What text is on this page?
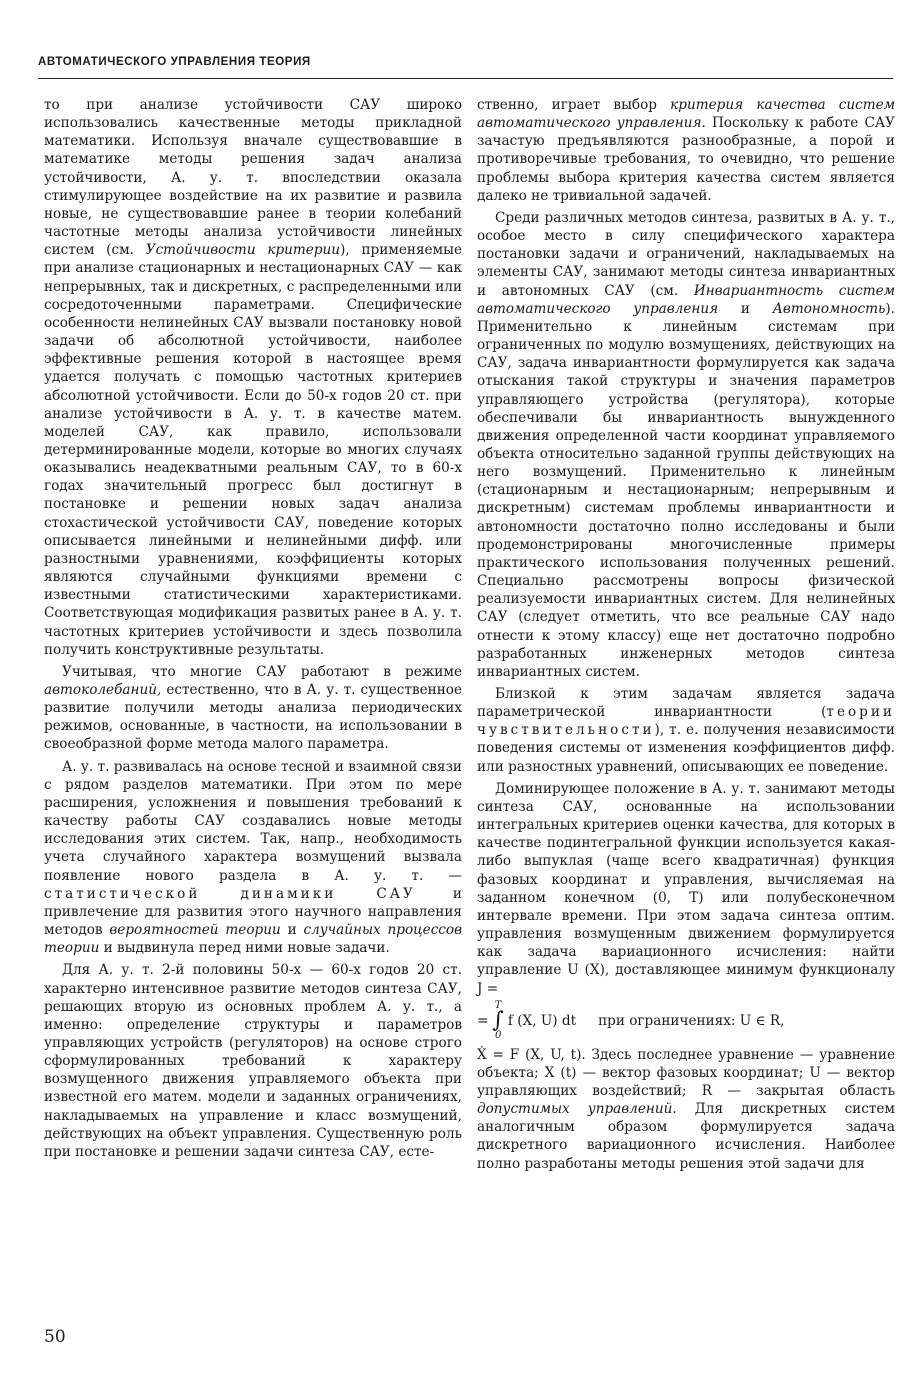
АВТОМАТИЧЕСКОГО УПРАВЛЕНИЯ ТЕОРИЯ

то при анализе устойчивости САУ широко использовались качественные методы прикладной математики. Используя вначале существовавшие в математике методы решения задач анализа устойчивости, А. у. т. впоследствии оказала стимулирующее воздействие на их развитие и развила новые, не существовавшие ранее в теории колебаний частотные методы анализа устойчивости линейных систем (см. Устойчивости критерии), применяемые при анализе стационарных и нестационарных САУ — как непрерывных, так и дискретных, с распределенными или сосредоточенными параметрами. Специфические особенности нелинейных САУ вызвали постановку новой задачи об абсолютной устойчивости, наиболее эффективные решения которой в настоящее время удается получать с помощью частотных критериев абсолютной устойчивости. Если до 50-х годов 20 ст. при анализе устойчивости в А. у. т. в качестве матем. моделей САУ, как правило, использовали детерминированные модели, которые во многих случаях оказывались неадекватными реальным САУ, то в 60-х годах значительный прогресс был достигнут в постановке и решении новых задач анализа стохастической устойчивости САУ, поведение которых описывается линейными и нелинейными дифф. или разностными уравнениями, коэффициенты которых являются случайными функциями времени с известными статистическими характеристиками. Соответствующая модификация развитых ранее в А. у. т. частотных критериев устойчивости и здесь позволила получить конструктивные результаты.

Учитывая, что многие САУ работают в режиме автоколебаний, естественно, что в А. у. т. существенное развитие получили методы анализа периодических режимов, основанные, в частности, на использовании в своеобразной форме метода малого параметра.

А. у. т. развивалась на основе тесной и взаимной связи с рядом разделов математики. При этом по мере расширения, усложнения и повышения требований к качеству работы САУ создавались новые методы исследования этих систем. Так, напр., необходимость учета случайного характера возмущений вызвала появление нового раздела в А. у. т. — статистической динамики САУ и привлечение для развития этого научного направления методов вероятностей теории и случайных процессов теории и выдвинула перед ними новые задачи.

Для А. у. т. 2-й половины 50-х — 60-х годов 20 ст. характерно интенсивное развитие методов синтеза САУ, решающих вторую из основных проблем А. у. т., а именно: определение структуры и параметров управляющих устройств (регуляторов) на основе строго сформулированных требований к характеру возмущенного движения управляемого объекта при известной его матем. модели и заданных ограничениях, накладываемых на управление и класс возмущений, действующих на объект управления. Существенную роль при постановке и решении задачи синтеза САУ, есте-

ственно, играет выбор критерия качества систем автоматического управления. Поскольку к работе САУ зачастую предъявляются разнообразные, а порой и противоречивые требования, то очевидно, что решение проблемы выбора критерия качества систем является далеко не тривиальной задачей.

Среди различных методов синтеза, развитых в А. у. т., особое место в силу специфического характера постановки задачи и ограничений, накладываемых на элементы САУ, занимают методы синтеза инвариантных и автономных САУ (см. Инвариантность систем автоматического управления и Автономность). Применительно к линейным системам при ограниченных по модулю возмущениях, действующих на САУ, задача инвариантности формулируется как задача отыскания такой структуры и значения параметров управляющего устройства (регулятора), которые обеспечивали бы инвариантность вынужденного движения определенной части координат управляемого объекта относительно заданной группы действующих на него возмущений. Применительно к линейным (стационарным и нестационарным; непрерывным и дискретным) системам проблемы инвариантности и автономности достаточно полно исследованы и были продемонстрированы многочисленные примеры практического использования полученных решений. Специально рассмотрены вопросы физической реализуемости инвариантных систем. Для нелинейных САУ (следует отметить, что все реальные САУ надо отнести к этому классу) еще нет достаточно подробно разработанных инженерных методов синтеза инвариантных систем.

Близкой к этим задачам является задача параметрической инвариантности (теории чувствительности), т. е. получения независимости поведения системы от изменения коэффициентов дифф. или разностных уравнений, описывающих ее поведение.

Доминирующее положение в А. у. т. занимают методы синтеза САУ, основанные на использовании интегральных критериев оценки качества, для которых в качестве подинтегральной функции используется какая-либо выпуклая (чаще всего квадратичная) функция фазовых координат и управления, вычисляемая на заданном конечном (0, T) или полубесконечном интервале времени. При этом задача синтеза оптим. управления возмущенным движением формулируется как задача вариационного исчисления: найти управление U (X), доставляющее минимум функционалу J =

=
T
∫
0
f (X, U) dt при ограничениях: U ∈ R,

Ẋ = F (X, U, t). Здесь последнее уравнение — уравнение объекта; X (t) — вектор фазовых координат; U — вектор управляющих воздействий; R — закрытая область допустимых управлений. Для дискретных систем аналогичным образом формулируется задача дискретного вариационного исчисления. Наиболее полно разработаны методы решения этой задачи для

50
